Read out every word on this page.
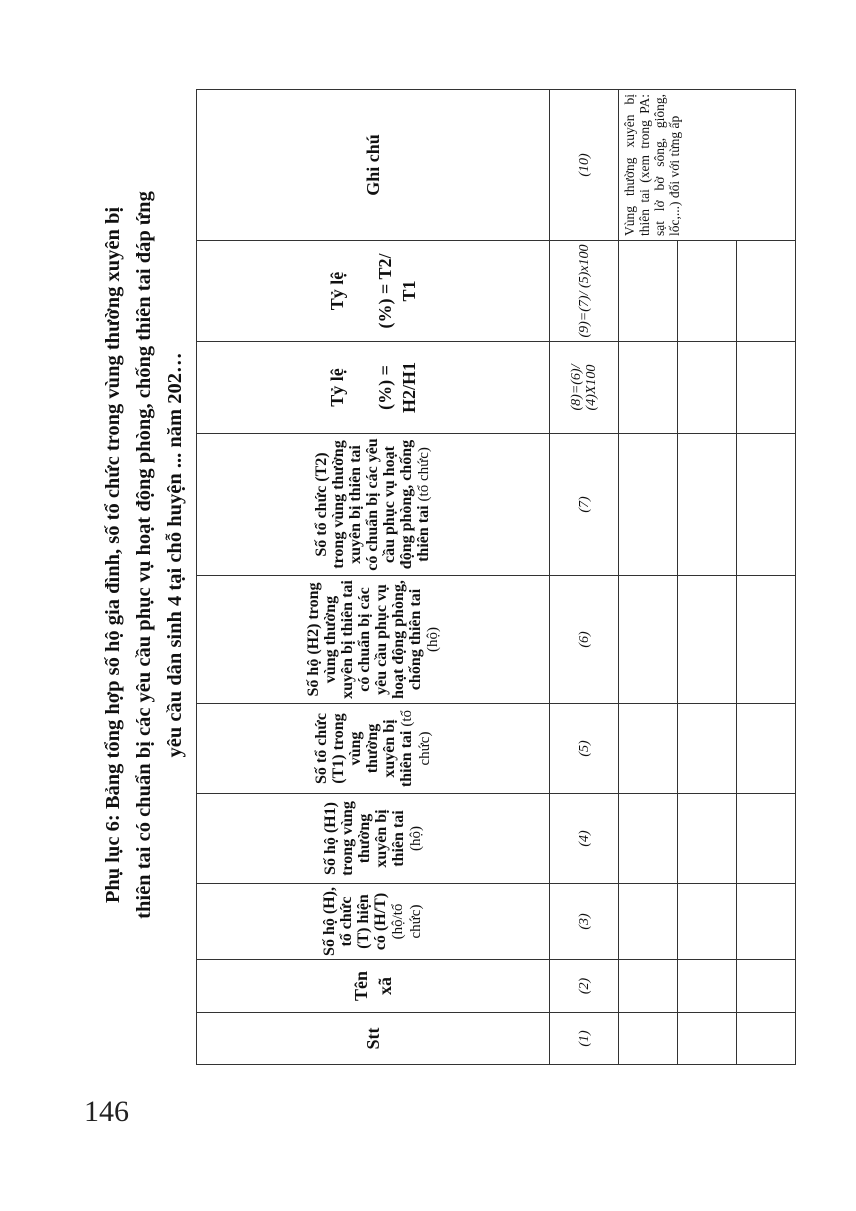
146

Phụ lục 6: Bảng tổng hợp số hộ gia đình, số tổ chức trong vùng thường xuyên bị thiên tai có chuẩn bị các yêu cầu phục vụ hoạt động phòng, chống thiên tai đáp ứng yêu cầu dân sinh 4 tại chỗ huyện ... năm 202…

Stt	Tên xã	Số hộ (H), tổ chức (T) hiện có (H/T) (hộ/tổ chức)	Số hộ (H1) trong vùng thường xuyên bị thiên tai (hộ)	Số tổ chức (T1) trong vùng thường xuyên bị thiên tai (tổ chức)	Số hộ (H2) trong vùng thường xuyên bị thiên tai có chuẩn bị các yêu cầu phục vụ hoạt động phòng, chống thiên tai (hộ)	Số tổ chức (T2) trong vùng thường xuyên bị thiên tai có chuẩn bị các yêu cầu phục vụ hoạt động phòng, chống thiên tai (tổ chức)	Tỷ lệ (%) = H2/H1	Tỷ lệ (%) = T2/ T1	Ghi chú
(1)	(2)	(3)	(4)	(5)	(6)	(7)	(8)=(6)/ (4)X100	(9)=(7)/ (5)x100	(10)
									Vùng thường xuyên bị thiên tai (xem trong PA: sạt lở bờ sông, giông, lốc,...) đối với từng ấp
